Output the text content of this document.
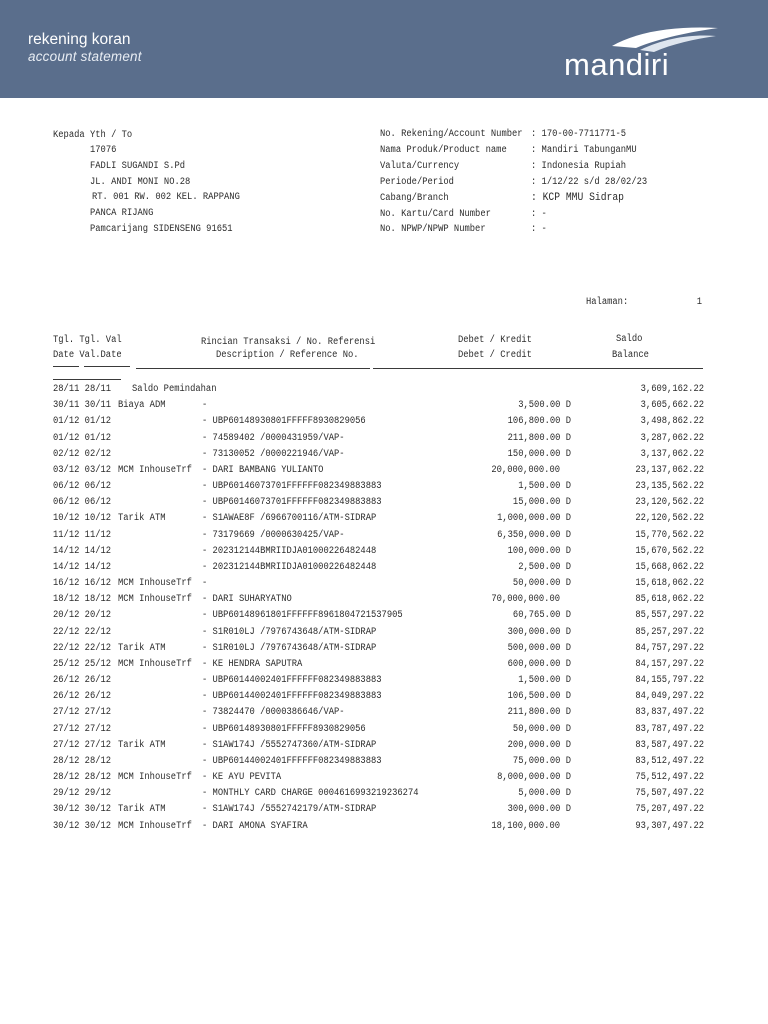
rekening koran
account statement	mandiri
Kepada Yth / To
17076
FADLI SUGANDI S.Pd
JL. ANDI MONI NO.28
RT. 001 RW. 002 KEL. RAPPANG
PANCA RIJANG
Pamcarijang SIDENSENG 91651
No. Rekening/Account Number : 170-00-7711771-5
Nama Produk/Product name : Mandiri TabunganMU
Valuta/Currency	: Indonesia Rupiah
Periode/Period	: 1/12/22 s/d 28/02/23
Cabang/Branch	: KCP MMU Sidrap
No. Kartu/Card Number	: -
No. NPWP/NPWP Number	: -
Halaman:	1
Tgl. Tgl. Val
Date Val.Date
Rincian Transaksi / No. Referensi
Description / Reference No.
Debet / Kredit
Debet / Credit
Saldo
Balance
28/11 28/11 Saldo Pemindahan	3,609,162.22
30/11 30/11 Biaya ADM	-	3,500.00 D	3,605,662.22
01/12 01/12	- UBP60148930801FFFFF8930829056	106,800.00 D	3,498,862.22
01/12 01/12	- 74589402 /0000431959/VAP-	211,800.00 D	3,287,062.22
02/12 02/12	- 73130052 /0000221946/VAP-	150,000.00 D	3,137,062.22
03/12 03/12 MCM InhouseTrf - DARI BAMBANG YULIANTO	20,000,000.00	23,137,062.22
06/12 06/12	- UBP60146073701FFFFFF082349883883	1,500.00 D	23,135,562.22
06/12 06/12	- UBP60146073701FFFFFF082349883883	15,000.00 D	23,120,562.22
10/12 10/12 Tarik ATM	- S1AWAE8F /6966700116/ATM-SIDRAP	1,000,000.00 D	22,120,562.22
11/12 11/12	- 73179669 /0000630425/VAP-	6,350,000.00 D	15,770,562.22
14/12 14/12	- 202312144BMRIIDJA01000226482448	100,000.00 D	15,670,562.22
14/12 14/12	- 202312144BMRIIDJA01000226482448	2,500.00 D	15,668,062.22
16/12 16/12 MCM InhouseTrf -	50,000.00 D	15,618,062.22
18/12 18/12 MCM InhouseTrf - DARI SUHARYATNO	70,000,000.00	85,618,062.22
20/12 20/12	- UBP60148961801FFFFFF8961804721537905	60,765.00 D	85,557,297.22
22/12 22/12	- S1R010LJ /7976743648/ATM-SIDRAP	300,000.00 D	85,257,297.22
22/12 22/12 Tarik ATM	- S1R010LJ /7976743648/ATM-SIDRAP	500,000.00 D	84,757,297.22
25/12 25/12 MCM InhouseTrf - KE HENDRA SAPUTRA	600,000.00 D	84,157,297.22
26/12 26/12	- UBP60144002401FFFFFF082349883883	1,500.00 D	84,155,797.22
26/12 26/12	- UBP60144002401FFFFFF082349883883	106,500.00 D	84,049,297.22
27/12 27/12	- 73824470 /0000386646/VAP-	211,800.00 D	83,837,497.22
27/12 27/12	- UBP60148930801FFFFF8930829056	50,000.00 D	83,787,497.22
27/12 27/12 Tarik ATM	- S1AW174J /5552747360/ATM-SIDRAP	200,000.00 D	83,587,497.22
28/12 28/12	- UBP60144002401FFFFFF082349883883	75,000.00 D	83,512,497.22
28/12 28/12 MCM InhouseTrf - KE AYU PEVITA	8,000,000.00 D	75,512,497.22
29/12 29/12	- MONTHLY CARD CHARGE 0004616993219236274	5,000.00 D	75,507,497.22
30/12 30/12 Tarik ATM	- S1AW174J /5552742179/ATM-SIDRAP	300,000.00 D	75,207,497.22
30/12 30/12 MCM InhouseTrf - DARI AMONA SYAFIRA	18,100,000.00	93,307,497.22
